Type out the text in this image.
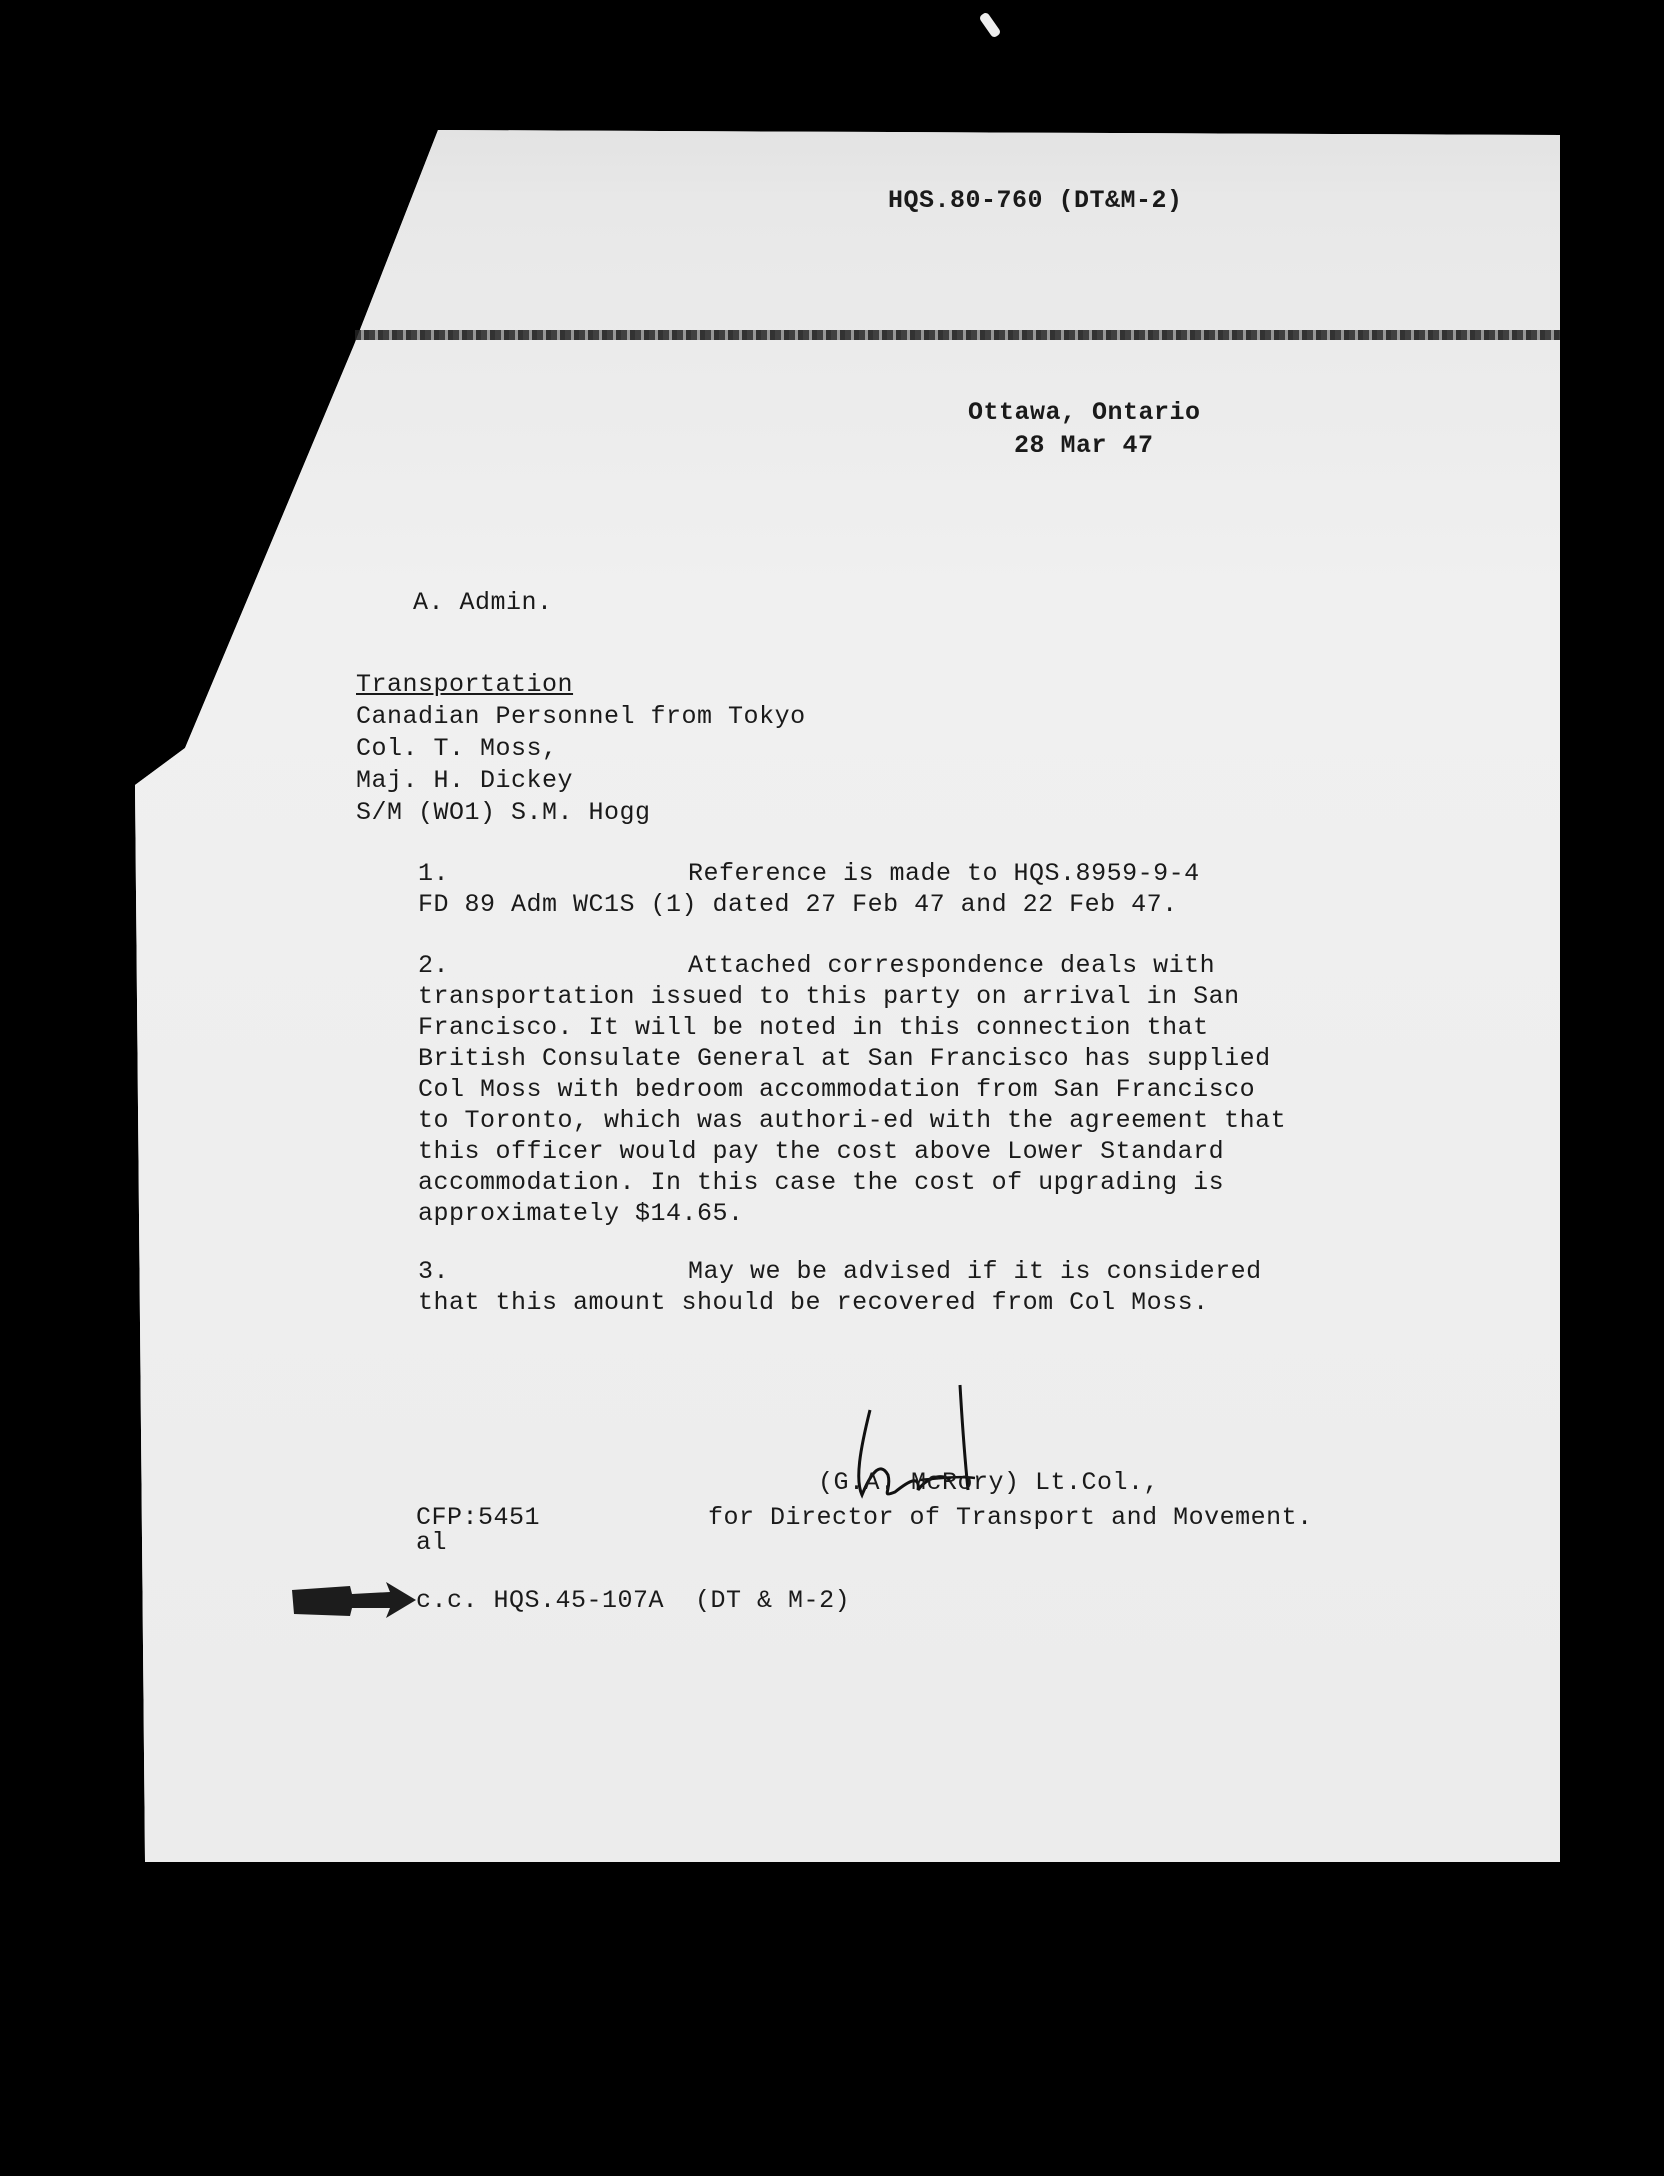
HQS.80-760 (DT&M-2)
Ottawa, Ontario
28 Mar 47
A. Admin.
Transportation
Canadian Personnel from Tokyo
Col. T. Moss,
Maj. H. Dickey
S/M (WO1) S.M. Hogg
1.	Reference is made to HQS.8959-9-4
FD 89 Adm WC1S (1) dated 27 Feb 47 and 22 Feb 47.
2.	Attached correspondence deals with
transportation issued to this party on arrival in San
Francisco. It will be noted in this connection that
British Consulate General at San Francisco has supplied
Col Moss with bedroom accommodation from San Francisco
to Toronto, which was authori-ed with the agreement that
this officer would pay the cost above Lower Standard
accommodation. In this case the cost of upgrading is
approximately $14.65.
3.	May we be advised if it is considered
that this amount should be recovered from Col Moss.
(G.A. McRory) Lt.Col.,
for Director of Transport and Movement.
CFP:5451
al
c.c. HQS.45-107A  (DT & M-2)
